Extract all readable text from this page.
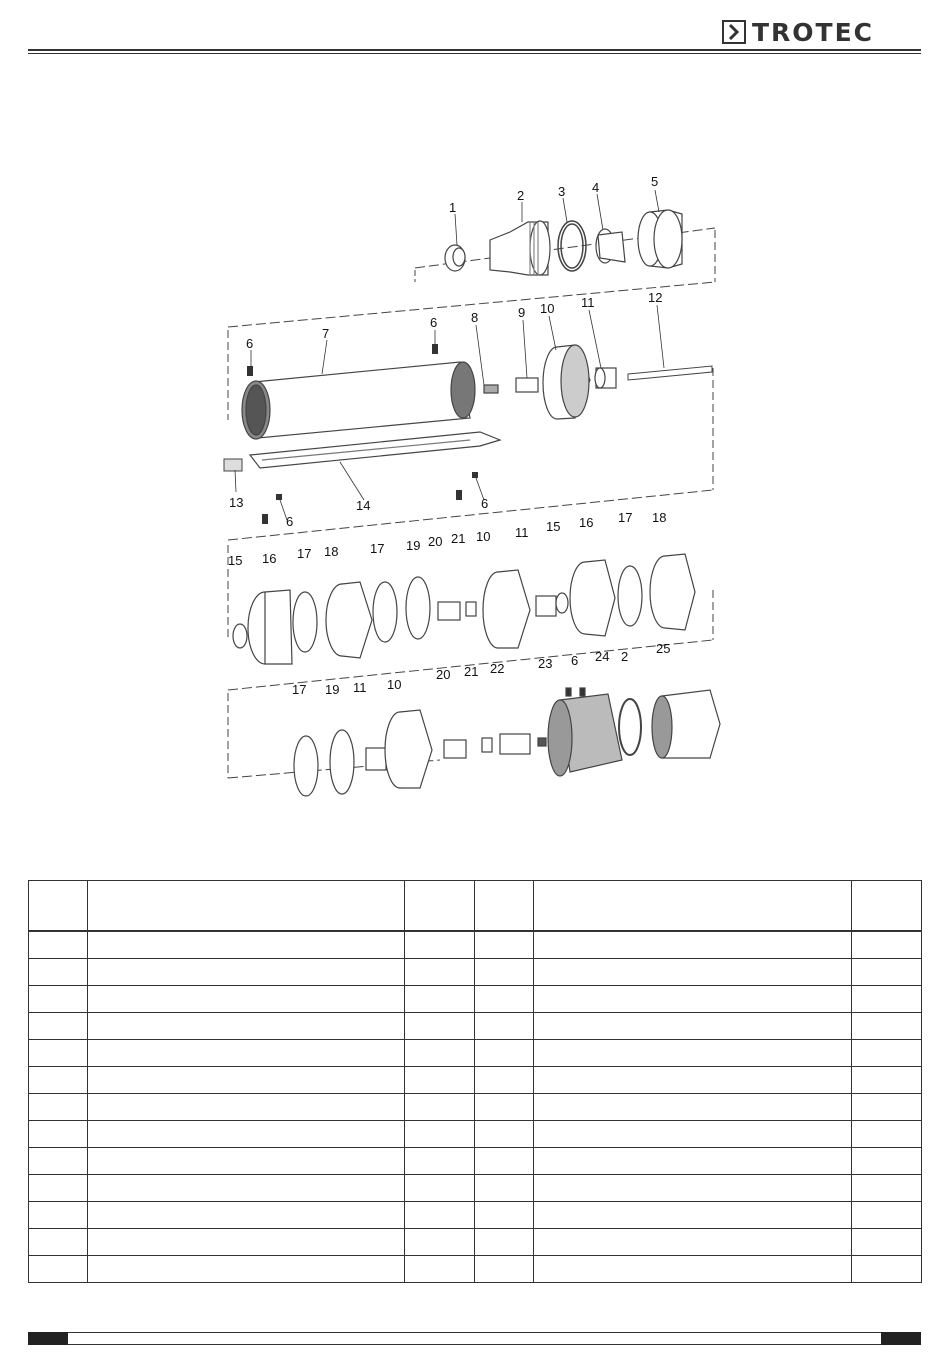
TROTEC
1
2	3 4	5
6
7
6	8	9 10 11	12
13
6
14	6
15 16 17 18 17 19 20 21 10 11 15 16 17 18
17 19 11 10
20 21 22	23 6 24 2
25
